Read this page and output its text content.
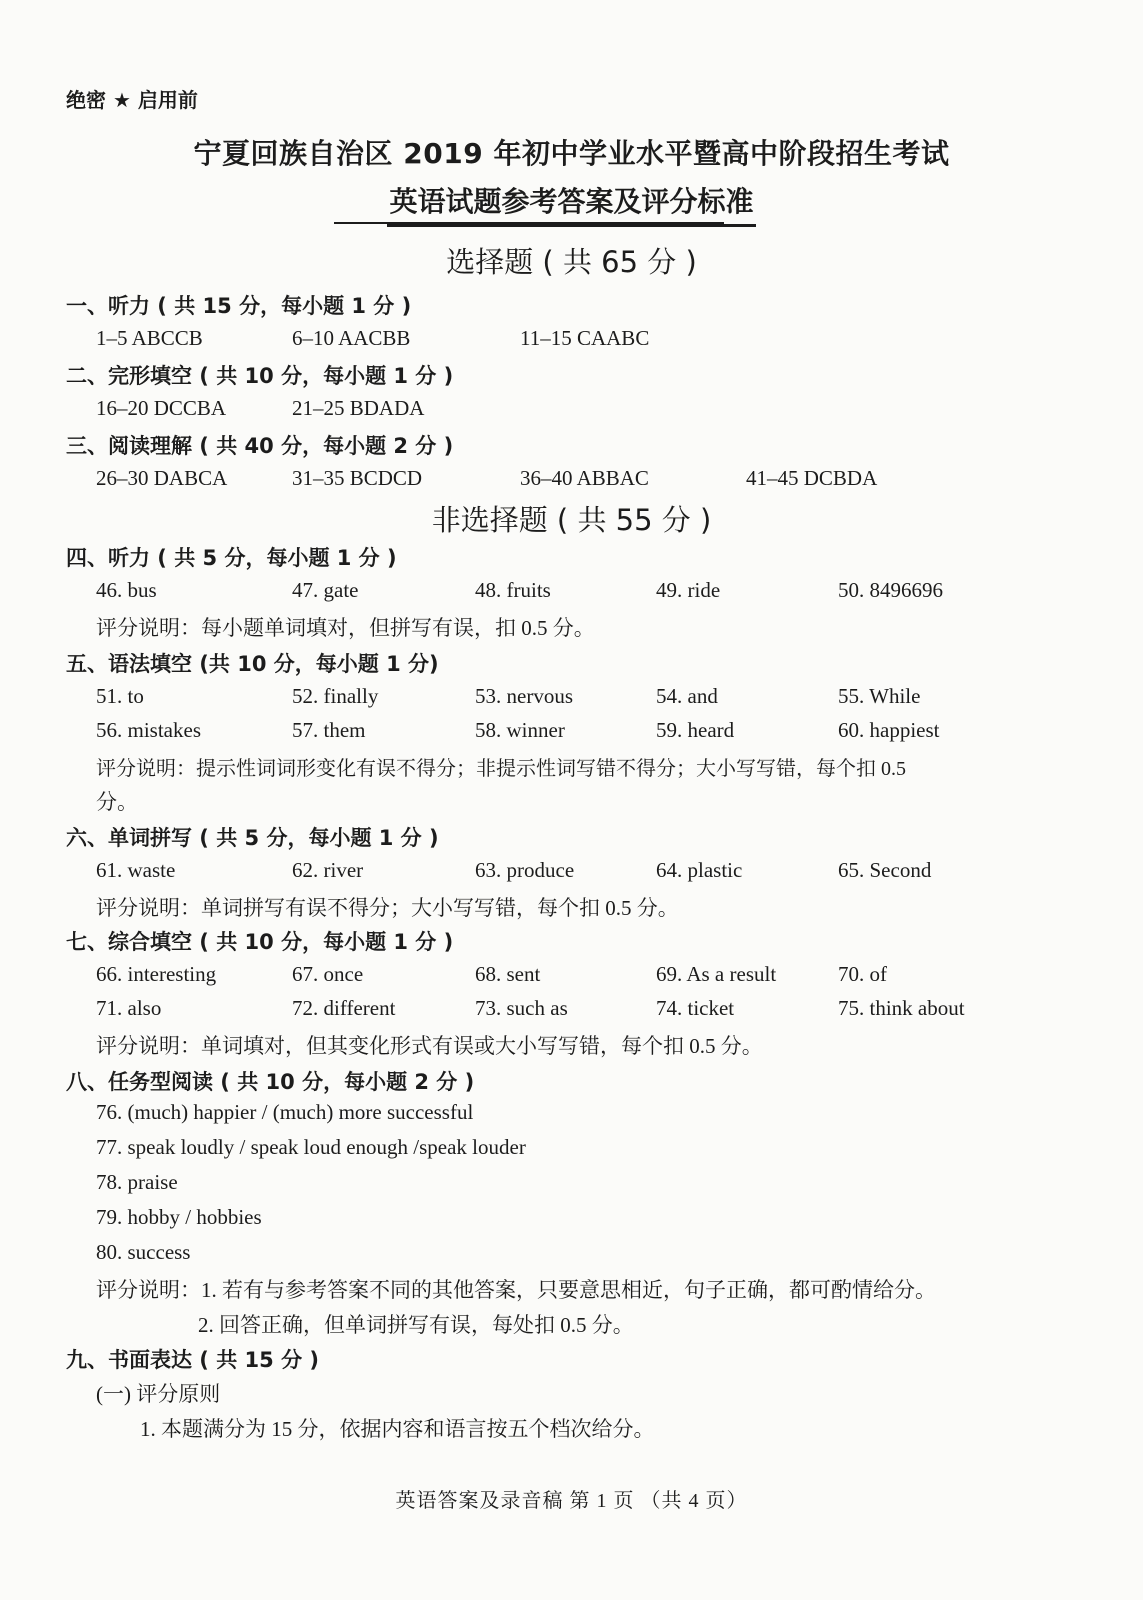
绝密 ★ 启用前
宁夏回族自治区 2019 年初中学业水平暨高中阶段招生考试
英语试题参考答案及评分标准
选择题 ( 共 65 分 )
一、听力 ( 共 15 分，每小题 1 分 )
1–5 ABCCB	6–10 AACBB	11–15 CAABC
二、完形填空 ( 共 10 分，每小题 1 分 )
16–20 DCCBA	21–25 BDADA
三、阅读理解 ( 共 40 分，每小题 2 分 )
26–30 DABCA	31–35 BCDCD	36–40 ABBAC	41–45 DCBDA
非选择题 ( 共 55 分 )
四、听力 ( 共 5 分，每小题 1 分 )
46. bus	47. gate	48. fruits	49. ride	50. 8496696
评分说明：每小题单词填对，但拼写有误，扣 0.5 分。
五、语法填空 (共 10 分，每小题 1 分)
51. to	52. finally	53. nervous	54. and	55. While
56. mistakes	57. them	58. winner	59. heard	60. happiest
评分说明：提示性词词形变化有误不得分；非提示性词写错不得分；大小写写错，每个扣 0.5
分。
六、单词拼写 ( 共 5 分，每小题 1 分 )
61. waste	62. river	63. produce	64. plastic	65. Second
评分说明：单词拼写有误不得分；大小写写错，每个扣 0.5 分。
七、综合填空 ( 共 10 分，每小题 1 分 )
66. interesting	67. once	68. sent	69. As a result	70. of
71. also	72. different	73. such as	74. ticket	75. think about
评分说明：单词填对，但其变化形式有误或大小写写错，每个扣 0.5 分。
八、任务型阅读 ( 共 10 分，每小题 2 分 )
76. (much) happier / (much) more successful
77. speak loudly / speak loud enough /speak louder
78. praise
79. hobby / hobbies
80. success
评分说明：1. 若有与参考答案不同的其他答案，只要意思相近，句子正确，都可酌情给分。
2. 回答正确，但单词拼写有误，每处扣 0.5 分。
九、书面表达 ( 共 15 分 )
(一) 评分原则
1. 本题满分为 15 分，依据内容和语言按五个档次给分。
英语答案及录音稿 第 1 页 （共 4 页）
